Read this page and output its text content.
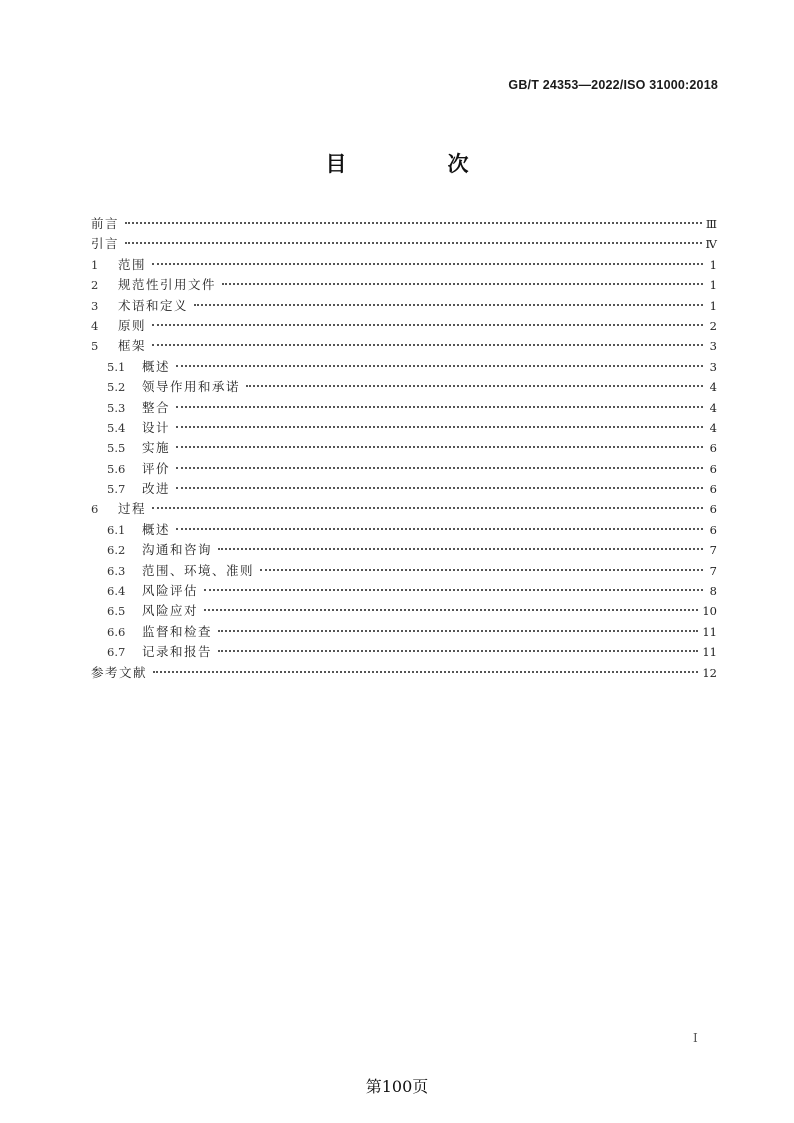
GB/T 24353—2022/ISO 31000:2018
目　次
前言	Ⅲ
引言	Ⅳ
1	范围	1
2	规范性引用文件	1
3	术语和定义	1
4	原则	2
5	框架	3
5.1	概述	3
5.2	领导作用和承诺	4
5.3	整合	4
5.4	设计	4
5.5	实施	6
5.6	评价	6
5.7	改进	6
6	过程	6
6.1	概述	6
6.2	沟通和咨询	7
6.3	范围、环境、准则	7
6.4	风险评估	8
6.5	风险应对	10
6.6	监督和检查	11
6.7	记录和报告	11
参考文献	12
I
第100页
